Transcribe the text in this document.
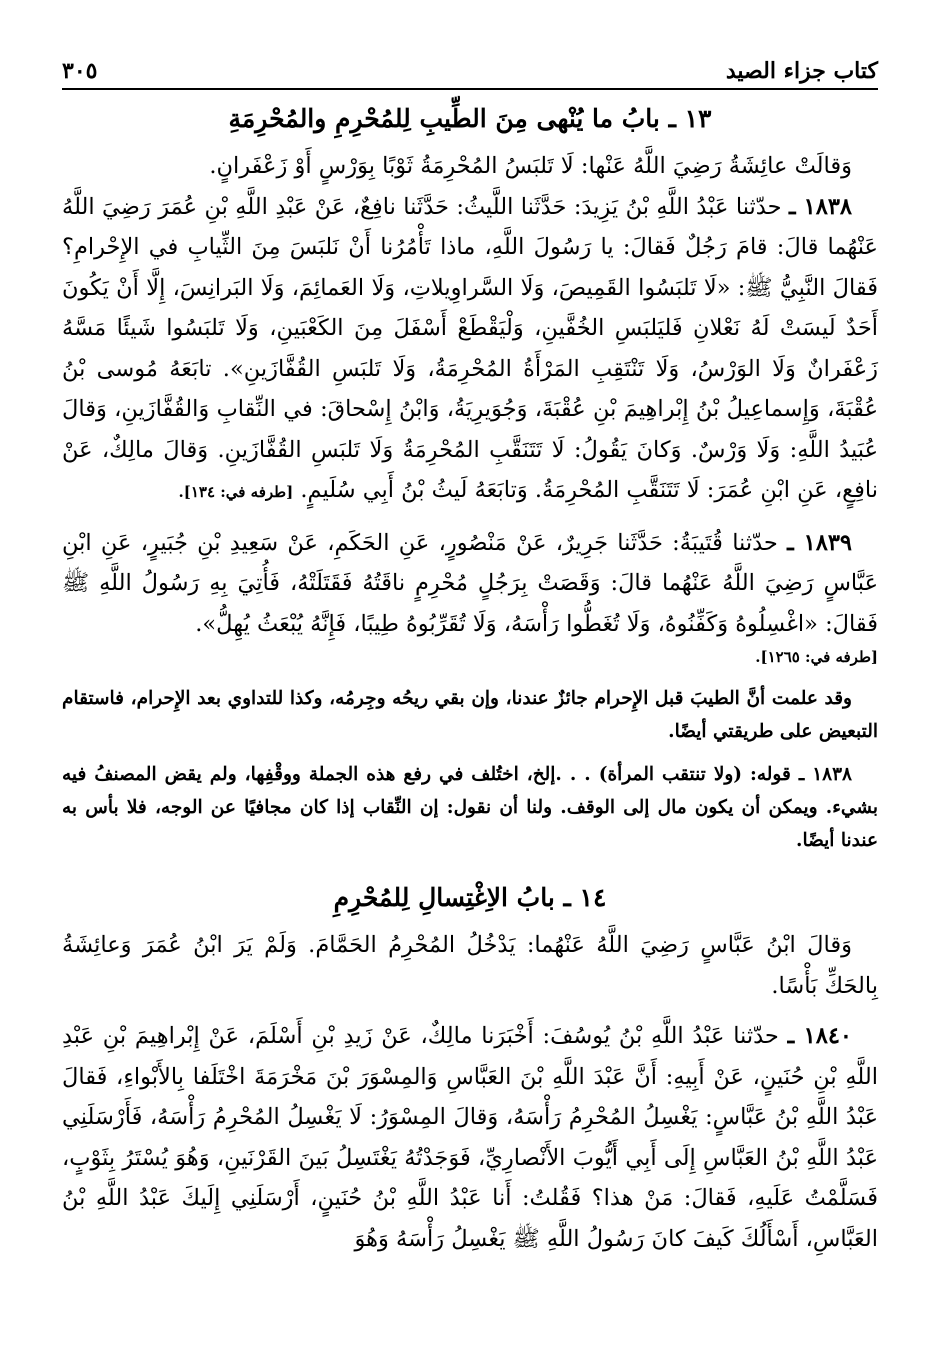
كتاب جزاء الصيد
٣٠٥
١٣ ـ بابُ ما يُنْهى مِنَ الطِّيبِ لِلمُحْرِمِ والمُحْرِمَةِ

وَقالَتْ عائِشَةُ رَضِيَ اللَّهُ عَنْها: لَا تَلبَسُ المُحْرِمَةُ ثَوْبًا بِوَرْسٍ أَوْ زَعْفَرانٍ.

١٨٣٨ ـ حدّثنا عَبْدُ اللَّهِ بْنُ يَزِيدَ: حَدَّثَنا اللَّيثُ: حَدَّثَنا نافِعٌ، عَنْ عَبْدِ اللَّهِ بْنِ عُمَرَ رَضِيَ اللَّهُ عَنْهُما قالَ: قامَ رَجُلٌ فَقالَ: يا رَسُولَ اللَّهِ، ماذا تَأْمُرُنا أَنْ نَلبَسَ مِنَ الثِّيابِ في الإِحْرامِ؟ فَقالَ النَّبِيُّ ﷺ: «لَا تَلبَسُوا القَمِيصَ، وَلَا السَّراوِيلاتِ، وَلَا العَمائِمَ، وَلَا البَرانِسَ، إِلَّا أَنْ يَكُونَ أَحَدٌ لَيسَتْ لَهُ نَعْلانِ فَليَلبَسِ الخُفَّينِ، وَلْيَقْطَعْ أَسْفَلَ مِنَ الكَعْبَينِ، وَلَا تَلبَسُوا شَيئًا مَسَّهُ زَعْفَرانٌ وَلَا الوَرْسُ، وَلَا تَنْتَقِبِ المَرْأَةُ المُحْرِمَةُ، وَلَا تَلبَسِ القُفَّازَينِ». تابَعَهُ مُوسى بْنُ عُقْبَةَ، وَإِسماعِيلُ بْنُ إِبْراهِيمَ بْنِ عُقْبَةَ، وَجُوَيرِيَةُ، وَابْنُ إِسْحاقَ: في النِّقابِ وَالقُفَّازَينِ، وَقالَ عُبَيدُ اللَّهِ: وَلَا وَرْسٌ. وَكانَ يَقُولُ: لَا تَتَنَقَّبِ المُحْرِمَةُ وَلَا تَلبَسِ القُفَّازَينِ. وَقالَ مالِكٌ، عَنْ نافِعٍ، عَنِ ابْنِ عُمَرَ: لَا تَتَنَقَّبِ المُحْرِمَةُ. وَتابَعَهُ لَيثُ بْنُ أَبِي سُلَيمٍ. [طرفه في: ١٣٤].

١٨٣٩ ـ حدّثنا قُتَيبَةُ: حَدَّثَنا جَرِيرٌ، عَنْ مَنْصُورٍ، عَنِ الحَكَمِ، عَنْ سَعِيدِ بْنِ جُبَيرٍ، عَنِ ابْنِ عَبَّاسٍ رَضِيَ اللَّهُ عَنْهُما قالَ: وَقَصَتْ بِرَجُلٍ مُحْرِمٍ ناقَتُهُ فَقَتَلَتْهُ، فَأُتِيَ بِهِ رَسُولُ اللَّهِ ﷺ فَقالَ: «اغْسِلُوهُ وَكَفِّنُوهُ، وَلَا تُغَطُّوا رَأْسَهُ، وَلَا تُقَرِّبُوهُ طِيبًا، فَإِنَّهُ يُبْعَثُ يُهِلُّ».

[طرفه في: ١٢٦٥].

وقد علمت أنَّ الطيبَ قبل الإِحرام جائزٌ عندنا، وإن بقي ريحُه وجِرمُه، وكذا للتداوي بعد الإِحرام، فاستقام التبعيض على طريقتي أيضًا.

١٨٣٨ ـ قوله: (ولا تنتقب المرأة) . . .إلخ، اختُلف في رفع هذه الجملة ووقْفِها، ولم يقض المصنفُ فيه بشيء. ويمكن أن يكون مال إلى الوقف. ولنا أن نقول: إن النِّقاب إذا كان مجافيًا عن الوجه، فلا بأس به عندنا أيضًا.

١٤ ـ بابُ الاِغْتِسالِ لِلمُحْرِمِ

وَقالَ ابْنُ عَبَّاسٍ رَضِيَ اللَّهُ عَنْهُما: يَدْخُلُ المُحْرِمُ الحَمَّامَ. وَلَمْ يَرَ ابْنُ عُمَرَ وَعائِشَةُ بِالحَكِّ بَأْسًا.

١٨٤٠ ـ حدّثنا عَبْدُ اللَّهِ بْنُ يُوسُفَ: أَخْبَرَنا مالِكٌ، عَنْ زَيدِ بْنِ أَسْلَمَ، عَنْ إِبْراهِيمَ بْنِ عَبْدِ اللَّهِ بْنِ حُنَينٍ، عَنْ أَبِيهِ: أَنَّ عَبْدَ اللَّهِ بْنَ العَبَّاسِ وَالمِسْوَرَ بْنَ مَخْرَمَةَ اخْتَلَفا بِالأَبْواءِ، فَقالَ عَبْدُ اللَّهِ بْنُ عَبَّاسٍ: يَغْسِلُ المُحْرِمُ رَأْسَهُ، وَقالَ المِسْوَرُ: لَا يَغْسِلُ المُحْرِمُ رَأْسَهُ، فَأَرْسَلَنِي عَبْدُ اللَّهِ بْنُ العَبَّاسِ إِلَى أَبِي أَيُّوبَ الأَنْصارِيِّ، فَوَجَدْتُهُ يَغْتَسِلُ بَينَ القَرْنَينِ، وَهُوَ يُسْتَرُ بِثَوْبٍ، فَسَلَّمْتُ عَلَيهِ، فَقالَ: مَنْ هذا؟ فَقُلتُ: أَنا عَبْدُ اللَّهِ بْنُ حُنَينٍ، أَرْسَلَنِي إِلَيكَ عَبْدُ اللَّهِ بْنُ العَبَّاسِ، أَسْأَلُكَ كَيفَ كانَ رَسُولُ اللَّهِ ﷺ يَغْسِلُ رَأْسَهُ وَهُوَ
